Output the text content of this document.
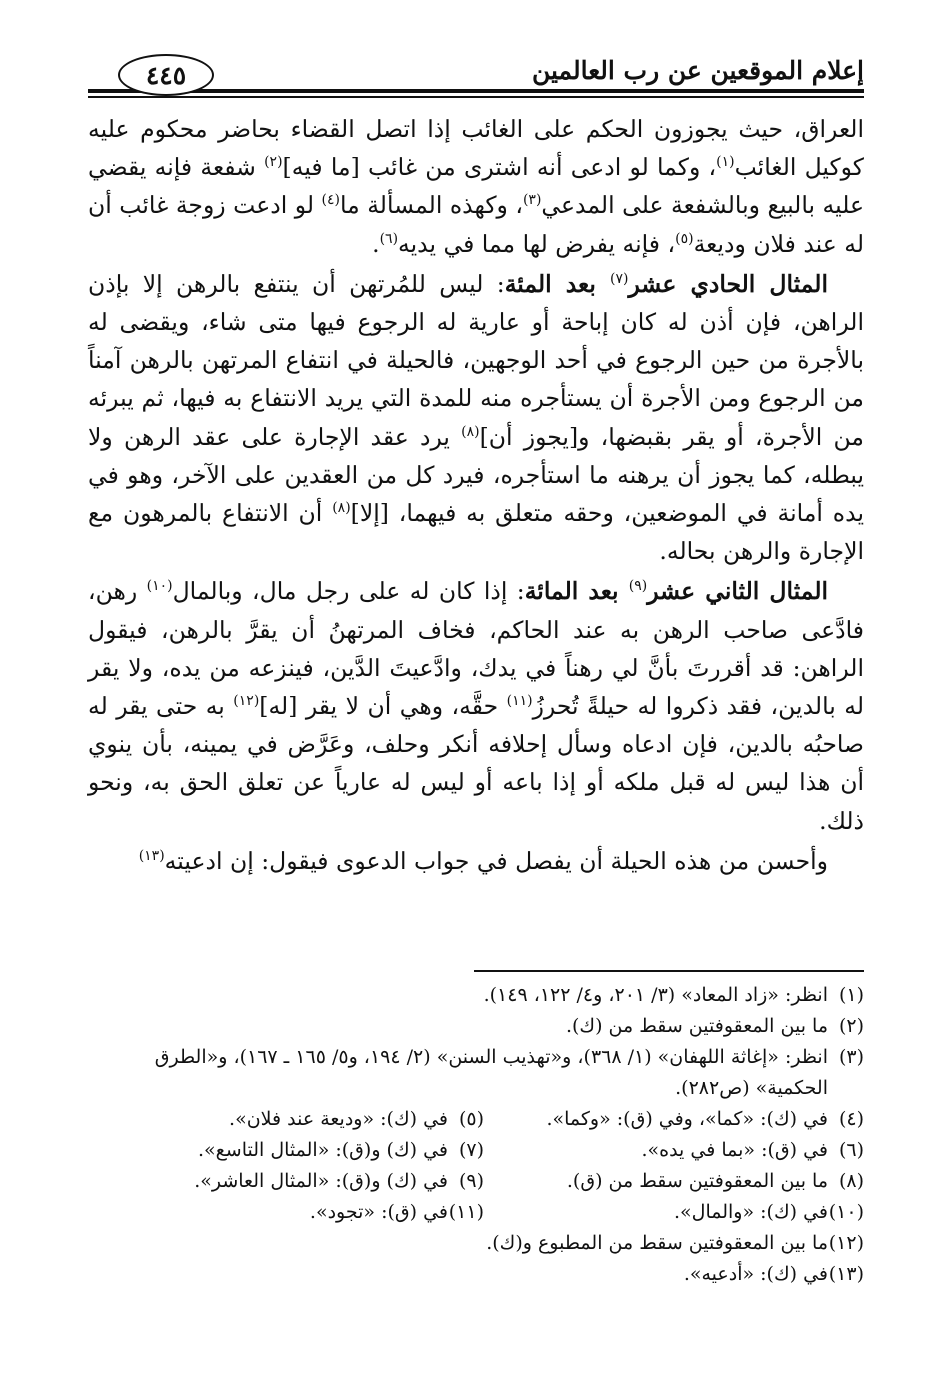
إعلام الموقعين عن رب العالمين
٤٤٥

العراق، حيث يجوزون الحكم على الغائب إذا اتصل القضاء بحاضر محكوم عليه كوكيل الغائب$^{(١)}$، وكما لو ادعى أنه اشترى من غائب [ما فيه]$^{(٢)}$ شفعة فإنه يقضي عليه بالبيع وبالشفعة على المدعي$^{(٣)}$، وكهذه المسألة ما$^{(٤)}$ لو ادعت زوجة غائب أن له عند فلان وديعة$^{(٥)}$، فإنه يفرض لها مما في يديه$^{(٦)}$.

المثال الحادي عشر$^{(٧)}$ بعد المئة: ليس للمُرتهن أن ينتفع بالرهن إلا بإذن الراهن، فإن أذن له كان إباحة أو عارية له الرجوع فيها متى شاء، ويقضى له بالأجرة من حين الرجوع في أحد الوجهين، فالحيلة في انتفاع المرتهن بالرهن آمناً من الرجوع ومن الأجرة أن يستأجره منه للمدة التي يريد الانتفاع به فيها، ثم يبرئه من الأجرة، أو يقر بقبضها، و[يجوز أن]$^{(٨)}$ يرد عقد الإجارة على عقد الرهن ولا يبطله، كما يجوز أن يرهنه ما استأجره، فيرد كل من العقدين على الآخر، وهو في يده أمانة في الموضعين، وحقه متعلق به فيهما، [إلا]$^{(٨)}$ أن الانتفاع بالمرهون مع الإجارة والرهن بحاله.

المثال الثاني عشر$^{(٩)}$ بعد المائة: إذا كان له على رجل مال، وبالمال$^{(١٠)}$ رهن، فادَّعى صاحب الرهن به عند الحاكم، فخاف المرتهنُ أن يقرَّ بالرهن، فيقول الراهن: قد أقررتَ بأنَّ لي رهناً في يدك، وادَّعيتَ الدَّين، فينزعه من يده، ولا يقر له بالدين، فقد ذكروا له حيلةً تُحرزُ$^{(١١)}$ حقَّه، وهي أن لا يقر [له]$^{(١٢)}$ به حتى يقر له صاحبُه بالدين، فإن ادعاه وسأل إحلافه أنكر وحلف، وعَرَّض في يمينه، بأن ينوي أن هذا ليس له قبل ملكه أو إذا باعه أو ليس له عارياً عن تعلق الحق به، ونحو ذلك.

وأحسن من هذه الحيلة أن يفصل في جواب الدعوى فيقول: إن ادعيته$^{(١٣)}$

(١)
انظر: «زاد المعاد» (٣/ ٢٠١، و٤/ ١٢٢، ١٤٩).
(٢)
ما بين المعقوفتين سقط من (ك).
(٣)
انظر: «إغاثة اللهفان» (١/ ٣٦٨)، و«تهذيب السنن» (٢/ ١٩٤، و٥/ ١٦٥ ـ ١٦٧)، و«الطرق الحكمية» (ص٢٨٢).
(٤)
في (ك): «كما»، وفي (ق): «وكما».
(٥)
في (ك): «وديعة عند فلان».
(٦)
في (ق): «بما في يده».
(٧)
في (ك) و(ق): «المثال التاسع».
(٨)
ما بين المعقوفتين سقط من (ق).
(٩)
في (ك) و(ق): «المثال العاشر».
(١٠)
في (ك): «والمال».
(١١)
في (ق): «تجود».
(١٢)
ما بين المعقوفتين سقط من المطبوع و(ك).
(١٣)
في (ك): «أدعيه».
